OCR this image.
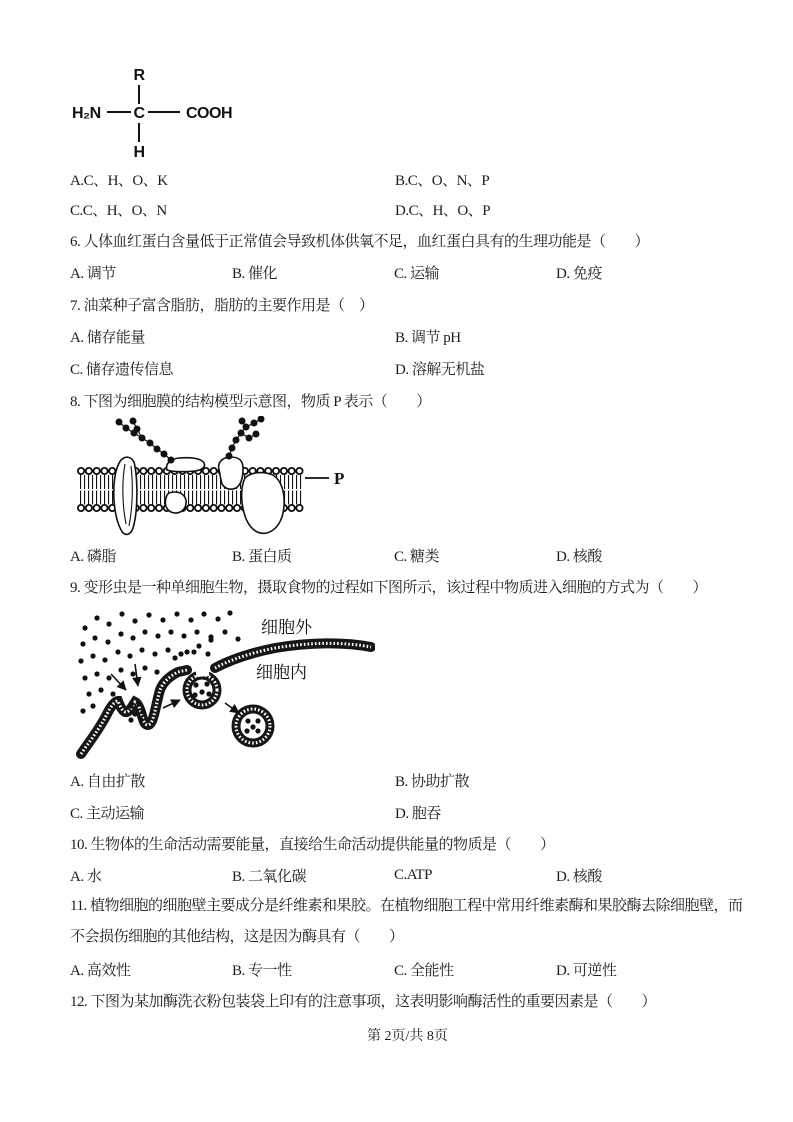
R
H₂N C	COOH
H
A.C、H、O、K	B.C、O、N、P
C.C、H、O、N	D.C、H、O、P
6. 人体血红蛋白含量低于正常值会导致机体供氧不足，血红蛋白具有的生理功能是（　　）
A. 调节	B. 催化	C. 运输	D. 免疫
7. 油菜种子富含脂肪，脂肪的主要作用是（　）
A. 储存能量	B. 调节 pH
C. 储存遗传信息	D. 溶解无机盐
8. 下图为细胞膜的结构模型示意图，物质 P 表示（　　）
P
A. 磷脂	B. 蛋白质	C. 糖类	D. 核酸
9. 变形虫是一种单细胞生物，摄取食物的过程如下图所示，该过程中物质进入细胞的方式为（　　）
细胞外
细胞内
A. 自由扩散	B. 协助扩散
C. 主动运输	D. 胞吞
10. 生物体的生命活动需要能量，直接给生命活动提供能量的物质是（　　）
A. 水	B. 二氧化碳	C.ATP	D. 核酸
11. 植物细胞的细胞壁主要成分是纤维素和果胶。在植物细胞工程中常用纤维素酶和果胶酶去除细胞壁，而不会损伤细胞的其他结构，这是因为酶具有（　　）
A. 高效性	B. 专一性	C. 全能性	D. 可逆性
12. 下图为某加酶洗衣粉包装袋上印有的注意事项，这表明影响酶活性的重要因素是（　　）
第 2页/共 8页
